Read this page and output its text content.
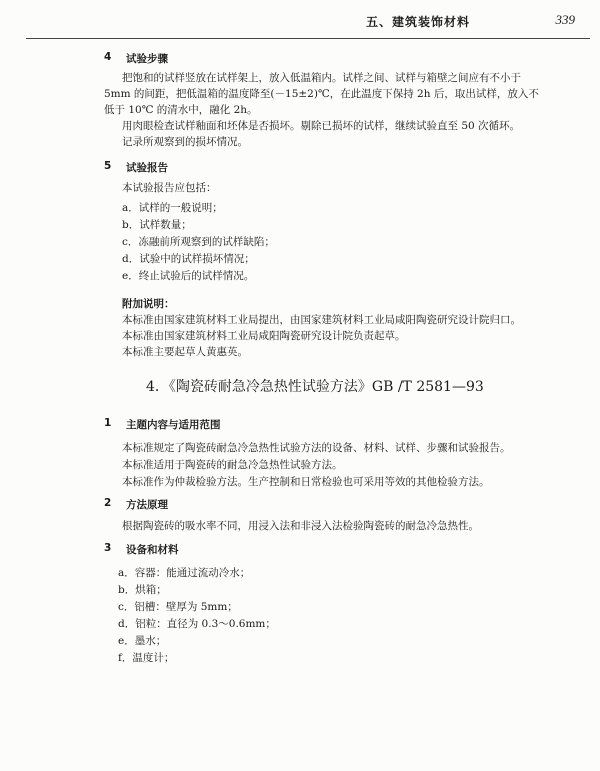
五、建筑装饰材料	339
4 试验步骤
把饱和的试样竖放在试样架上，放入低温箱内。试样之间、试样与箱壁之间应有不小于
5mm 的间距，把低温箱的温度降至(－15±2)℃，在此温度下保持 2h 后，取出试样，放入不
低于 10℃ 的清水中，融化 2h。
用肉眼检查试样釉面和坯体是否损坏。剔除已损坏的试样，继续试验直至 50 次循环。
记录所观察到的损坏情况。
5 试验报告
本试验报告应包括：
a．试样的一般说明；
b．试样数量；
c．冻融前所观察到的试样缺陷；
d．试验中的试样损坏情况；
e．终止试验后的试样情况。
附加说明：
本标准由国家建筑材料工业局提出，由国家建筑材料工业局咸阳陶瓷研究设计院归口。
本标准由国家建筑材料工业局咸阳陶瓷研究设计院负责起草。
本标准主要起草人黄惠英。
4．《陶瓷砖耐急冷急热性试验方法》GB /T 2581—93
1 主题内容与适用范围
本标准规定了陶瓷砖耐急冷急热性试验方法的设备、材料、试样、步骤和试验报告。
本标准适用于陶瓷砖的耐急冷急热性试验方法。
本标准作为仲裁检验方法。生产控制和日常检验也可采用等效的其他检验方法。
2 方法原理
根据陶瓷砖的吸水率不同，用浸入法和非浸入法检验陶瓷砖的耐急冷急热性。
3 设备和材料
a．容器：能通过流动冷水；
b．烘箱；
c．铝槽：壁厚为 5mm；
d．铝粒：直径为 0.3～0.6mm；
e．墨水；
f．温度计；
